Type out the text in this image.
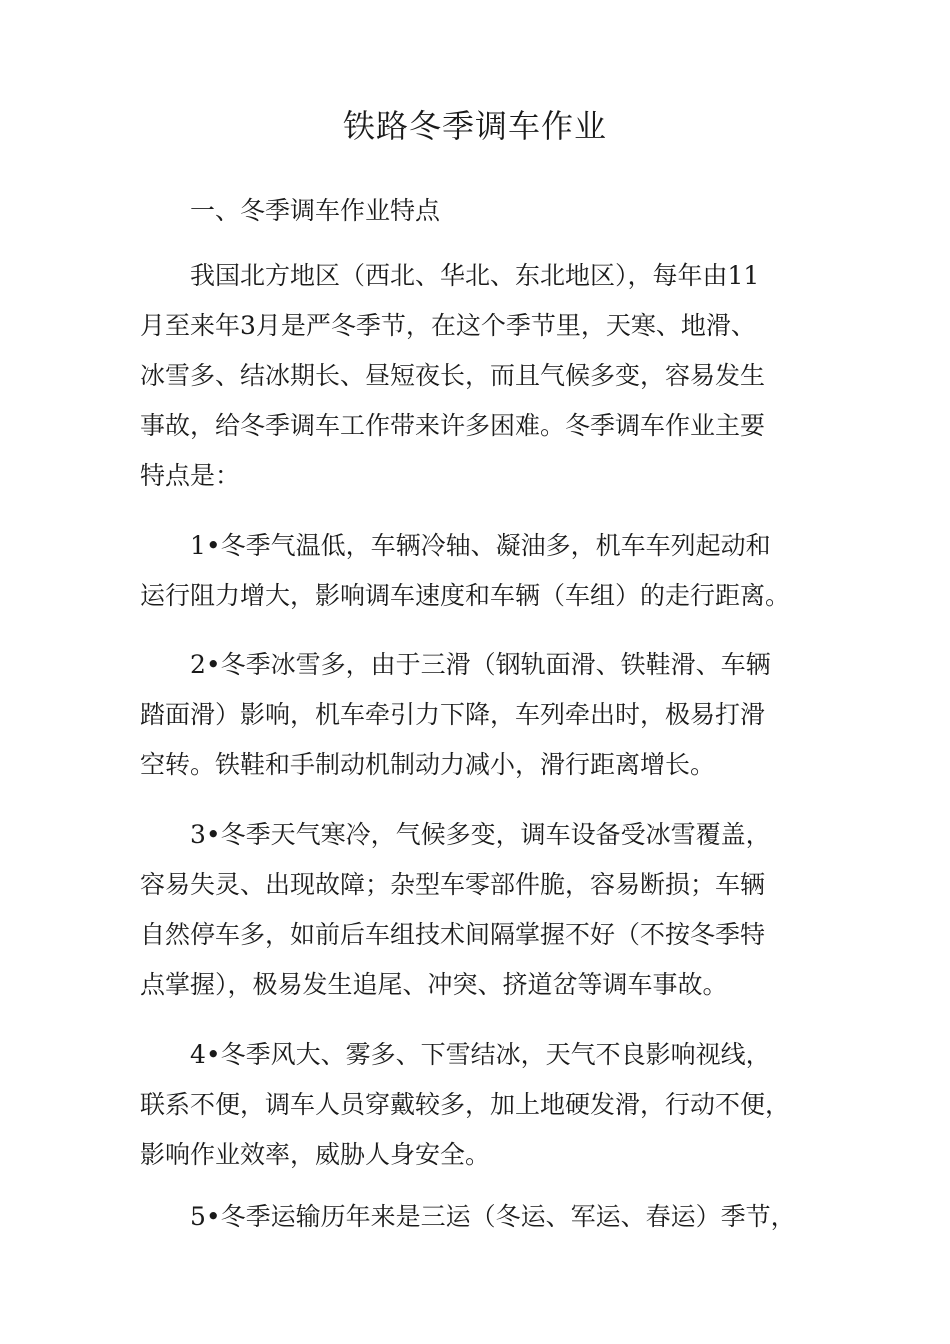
铁路冬季调车作业

一、冬季调车作业特点

我国北方地区（西北、华北、东北地区），每年由11
月至来年3月是严冬季节，在这个季节里，天寒、地滑、
冰雪多、结冰期长、昼短夜长，而且气候多变，容易发生
事故，给冬季调车工作带来许多困难。冬季调车作业主要
特点是：

1•冬季气温低，车辆冷轴、凝油多，机车车列起动和
运行阻力增大，影响调车速度和车辆（车组）的走行距离。

2•冬季冰雪多，由于三滑（钢轨面滑、铁鞋滑、车辆
踏面滑）影响，机车牵引力下降，车列牵出时，极易打滑
空转。铁鞋和手制动机制动力减小，滑行距离增长。

3•冬季天气寒冷，气候多变，调车设备受冰雪覆盖，
容易失灵、出现故障；杂型车零部件脆，容易断损；车辆
自然停车多，如前后车组技术间隔掌握不好（不按冬季特
点掌握），极易发生追尾、冲突、挤道岔等调车事故。

4•冬季风大、雾多、下雪结冰，天气不良影响视线，
联系不便，调车人员穿戴较多，加上地硬发滑，行动不便，
影响作业效率，威胁人身安全。

5•冬季运输历年来是三运（冬运、军运、春运）季节，
